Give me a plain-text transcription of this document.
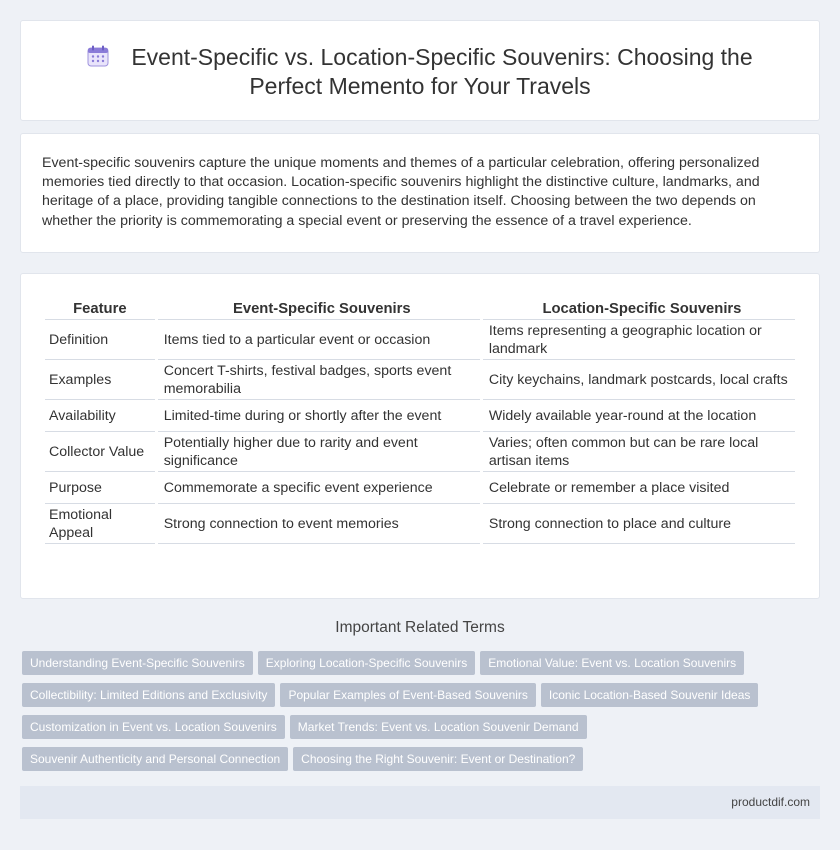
Event-Specific vs. Location-Specific Souvenirs: Choosing the
Perfect Memento for Your Travels

Event-specific souvenirs capture the unique moments and themes of a particular celebration, offering personalized memories tied directly to that occasion. Location-specific souvenirs highlight the distinctive culture, landmarks, and heritage of a place, providing tangible connections to the destination itself. Choosing between the two depends on whether the priority is commemorating a special event or preserving the essence of a travel experience.

Feature	Event-Specific Souvenirs	Location-Specific Souvenirs
Definition	Items tied to a particular event or occasion	Items representing a geographic location or landmark
Examples	Concert T-shirts, festival badges, sports event memorabilia	City keychains, landmark postcards, local crafts
Availability	Limited-time during or shortly after the event	Widely available year-round at the location
Collector Value	Potentially higher due to rarity and event significance	Varies; often common but can be rare local artisan items
Purpose	Commemorate a specific event experience	Celebrate or remember a place visited
Emotional Appeal	Strong connection to event memories	Strong connection to place and culture
Important Related Terms
Understanding Event-Specific Souvenirs Exploring Location-Specific Souvenirs Emotional Value: Event vs. Location Souvenirs
Collectibility: Limited Editions and Exclusivity Popular Examples of Event-Based Souvenirs Iconic Location-Based Souvenir Ideas
Customization in Event vs. Location Souvenirs Market Trends: Event vs. Location Souvenir Demand
Souvenir Authenticity and Personal Connection Choosing the Right Souvenir: Event or Destination?
productdif.com
